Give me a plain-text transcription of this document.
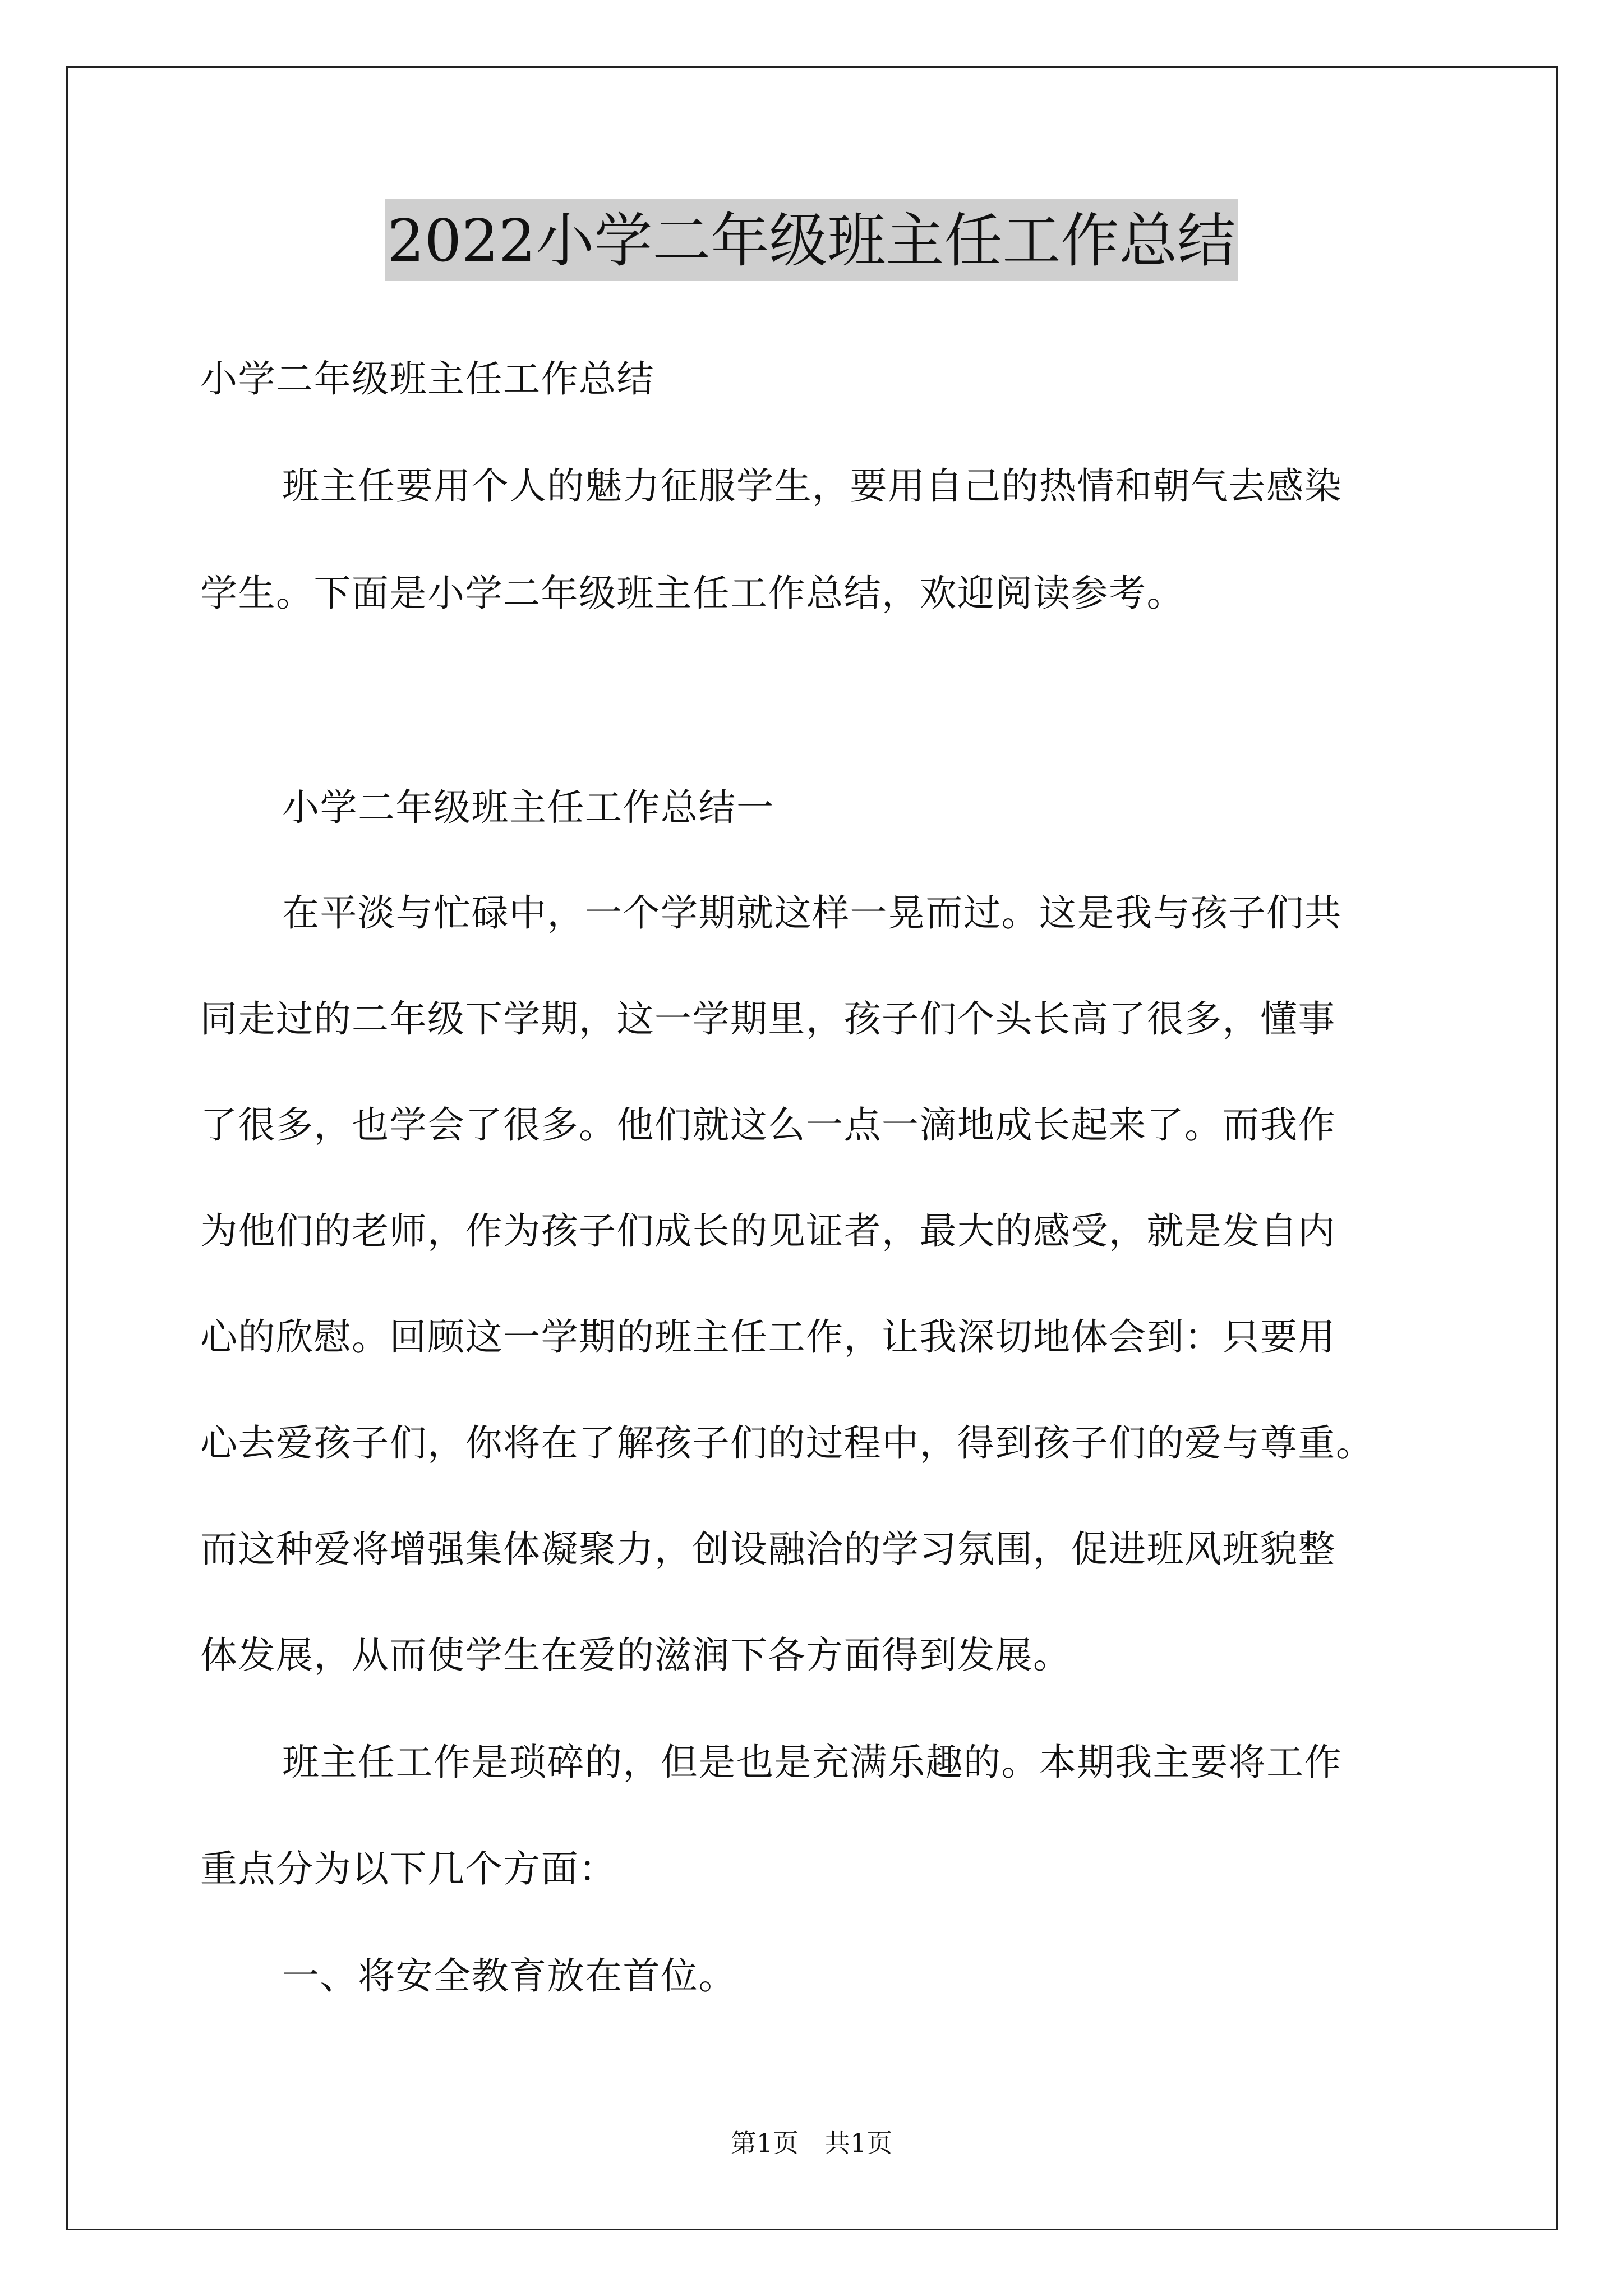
2022小学二年级班主任工作总结
小学二年级班主任工作总结
班主任要用个人的魅力征服学生，要用自己的热情和朝气去感染
学生。下面是小学二年级班主任工作总结，欢迎阅读参考。
小学二年级班主任工作总结一
在平淡与忙碌中，一个学期就这样一晃而过。这是我与孩子们共
同走过的二年级下学期，这一学期里，孩子们个头长高了很多，懂事
了很多，也学会了很多。他们就这么一点一滴地成长起来了。而我作
为他们的老师，作为孩子们成长的见证者，最大的感受，就是发自内
心的欣慰。回顾这一学期的班主任工作，让我深切地体会到：只要用
心去爱孩子们，你将在了解孩子们的过程中，得到孩子们的爱与尊重。
而这种爱将增强集体凝聚力，创设融洽的学习氛围，促进班风班貌整
体发展，从而使学生在爱的滋润下各方面得到发展。
班主任工作是琐碎的，但是也是充满乐趣的。本期我主要将工作
重点分为以下几个方面：
一、将安全教育放在首位。
第1页　共1页
